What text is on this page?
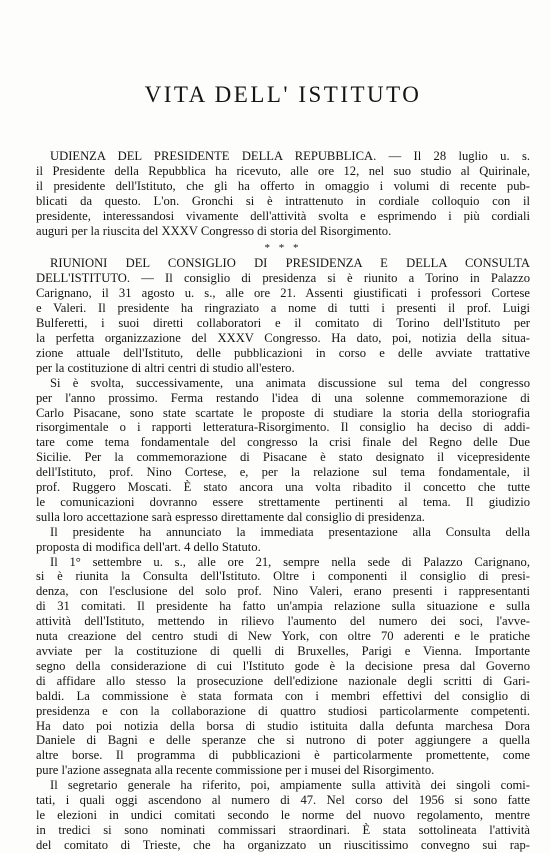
VITA DELL' ISTITUTO
UDIENZA DEL PRESIDENTE DELLA REPUBBLICA. — Il 28 luglio u. s.
il Presidente della Repubblica ha ricevuto, alle ore 12, nel suo studio al Quirinale,
il presidente dell'Istituto, che gli ha offerto in omaggio i volumi di recente pub-
blicati da questo. L'on. Gronchi si è intrattenuto in cordiale colloquio con il
presidente, interessandosi vivamente dell'attività svolta e esprimendo i più cordiali
auguri per la riuscita del XXXV Congresso di storia del Risorgimento.
* * *
RIUNIONI DEL CONSIGLIO DI PRESIDENZA E DELLA CONSULTA
DELL'ISTITUTO. — Il consiglio di presidenza si è riunito a Torino in Palazzo
Carignano, il 31 agosto u. s., alle ore 21. Assenti giustificati i professori Cortese
e Valeri. Il presidente ha ringraziato a nome di tutti i presenti il prof. Luigi
Bulferetti, i suoi diretti collaboratori e il comitato di Torino dell'Istituto per
la perfetta organizzazione del XXXV Congresso. Ha dato, poi, notizia della situa-
zione attuale dell'Istituto, delle pubblicazioni in corso e delle avviate trattative
per la costituzione di altri centri di studio all'estero.
Si è svolta, successivamente, una animata discussione sul tema del congresso
per l'anno prossimo. Ferma restando l'idea di una solenne commemorazione di
Carlo Pisacane, sono state scartate le proposte di studiare la storia della storiografia
risorgimentale o i rapporti letteratura-Risorgimento. Il consiglio ha deciso di addi-
tare come tema fondamentale del congresso la crisi finale del Regno delle Due
Sicilie. Per la commemorazione di Pisacane è stato designato il vicepresidente
dell'Istituto, prof. Nino Cortese, e, per la relazione sul tema fondamentale, il
prof. Ruggero Moscati. È stato ancora una volta ribadito il concetto che tutte
le comunicazioni dovranno essere strettamente pertinenti al tema. Il giudizio
sulla loro accettazione sarà espresso direttamente dal consiglio di presidenza.
Il presidente ha annunciato la immediata presentazione alla Consulta della
proposta di modifica dell'art. 4 dello Statuto.
Il 1° settembre u. s., alle ore 21, sempre nella sede di Palazzo Carignano,
si è riunita la Consulta dell'Istituto. Oltre i componenti il consiglio di presi-
denza, con l'esclusione del solo prof. Nino Valeri, erano presenti i rappresentanti
di 31 comitati. Il presidente ha fatto un'ampia relazione sulla situazione e sulla
attività dell'Istituto, mettendo in rilievo l'aumento del numero dei soci, l'avve-
nuta creazione del centro studi di New York, con oltre 70 aderenti e le pratiche
avviate per la costituzione di quelli di Bruxelles, Parigi e Vienna. Importante
segno della considerazione di cui l'Istituto gode è la decisione presa dal Governo
di affidare allo stesso la prosecuzione dell'edizione nazionale degli scritti di Gari-
baldi. La commissione è stata formata con i membri effettivi del consiglio di
presidenza e con la collaborazione di quattro studiosi particolarmente competenti.
Ha dato poi notizia della borsa di studio istituita dalla defunta marchesa Dora
Daniele di Bagni e delle speranze che si nutrono di poter aggiungere a quella
altre borse. Il programma di pubblicazioni è particolarmente promettente, come
pure l'azione assegnata alla recente commissione per i musei del Risorgimento.
Il segretario generale ha riferito, poi, ampiamente sulla attività dei singoli comi-
tati, i quali oggi ascendono al numero di 47. Nel corso del 1956 si sono fatte
le elezioni in undici comitati secondo le norme del nuovo regolamento, mentre
in tredici si sono nominati commissari straordinari. È stata sottolineata l'attività
del comitato di Trieste, che ha organizzato un riuscitissimo convegno sui rap-
